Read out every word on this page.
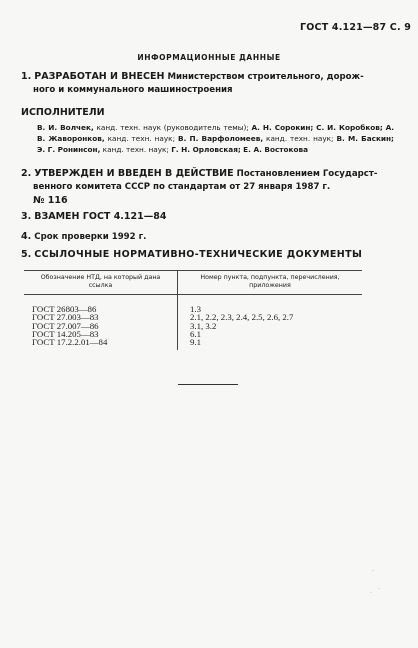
ГОСТ 4.121—87 С. 9
ИНФОРМАЦИОННЫЕ ДАННЫЕ
1. РАЗРАБОТАН И ВНЕСЕН Министерством строительного, дорож-
ного и коммунального машиностроения
ИСПОЛНИТЕЛИ
В. И. Волчек, канд. техн. наук (руководитель темы); А. Н. Сорокин; С. И. Коробков; А. В. Жаворонков, канд. техн. наук; В. П. Варфоломеев, канд. техн. наук; В. М. Баскин; Э. Г. Ронинсон, канд. техн. наук; Г. Н. Орловская; Е. А. Востокова
2. УТВЕРЖДЕН И ВВЕДЕН В ДЕЙСТВИЕ Постановлением Государст-
венного комитета СССР по стандартам от 27 января 1987 г.
№ 116
3. ВЗАМЕН ГОСТ 4.121—84
4. Срок проверки 1992 г.
5. ССЫЛОЧНЫЕ НОРМАТИВНО-ТЕХНИЧЕСКИЕ ДОКУМЕНТЫ
Обозначение НТД, на который дана ссылка	Номер пункта, подпункта, перечисления, приложения
ГОСТ 26803—86	1.3
ГОСТ 27.003—83	2.1, 2.2, 2.3, 2.4, 2.5, 2.6, 2.7
ГОСТ 27.007—86	3.1, 3.2
ГОСТ 14.205—83	6.1
ГОСТ 17.2.2.01—84	9.1
·
·
·
